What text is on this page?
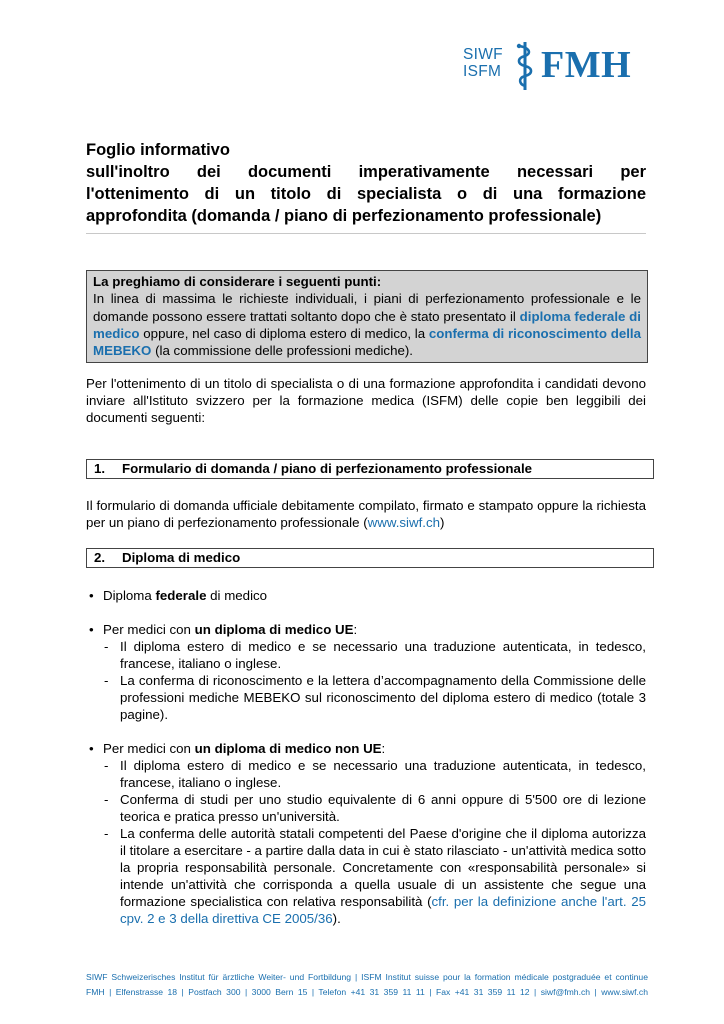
SIWF
ISFM FMH
Foglio informativo
sull'inoltro dei documenti imperativamente necessari per
l'ottenimento di un titolo di specialista o di una formazione
approfondita (domanda / piano di perfezionamento professionale)
La preghiamo di considerare i seguenti punti:
In linea di massima le richieste individuali, i piani di perfezionamento professionale e le domande possono essere trattati soltanto dopo che è stato presentato il diploma federale di medico oppure, nel caso di diploma estero di medico, la conferma di riconoscimento della MEBEKO (la commissione delle professioni mediche).

Per l'ottenimento di un titolo di specialista o di una formazione approfondita i candidati devono inviare all'Istituto svizzero per la formazione medica (ISFM) delle copie ben leggibili dei documenti seguenti:

1. Formulario di domanda / piano di perfezionamento professionale

Il formulario di domanda ufficiale debitamente compilato, firmato e stampato oppure la richiesta per un piano di perfezionamento professionale (www.siwf.ch)

2. Diploma di medico
• Diploma federale di medico
• Per medici con un diploma di medico UE:
- Il diploma estero di medico e se necessario una traduzione autenticata, in tedesco, francese, italiano o inglese.
- La conferma di riconoscimento e la lettera d’accompagnamento della Commissione delle professioni mediche MEBEKO sul riconoscimento del diploma estero di medico (totale 3 pagine).
• Per medici con un diploma di medico non UE:
- Il diploma estero di medico e se necessario una traduzione autenticata, in tedesco, francese, italiano o inglese.
- Conferma di studi per uno studio equivalente di 6 anni oppure di 5'500 ore di lezione teorica e pratica presso un'università.
- La conferma delle autorità statali competenti del Paese d'origine che il diploma autorizza il titolare a esercitare - a partire dalla data in cui è stato rilasciato - un'attività medica sotto la propria responsabilità personale. Concretamente con «responsabilità personale» si intende un'attività che corrisponda a quella usuale di un assistente che segue una formazione specialistica con relativa responsabilità (cfr. per la definizione anche l'art. 25 cpv. 2 e 3 della direttiva CE 2005/36).
SIWF Schweizerisches Institut für ärztliche Weiter- und Fortbildung | ISFM Institut suisse pour la formation médicale postgraduée et continue
FMH | Elfenstrasse 18 | Postfach 300 | 3000 Bern 15 | Telefon +41 31 359 11 11 | Fax +41 31 359 11 12 | siwf@fmh.ch | www.siwf.ch
